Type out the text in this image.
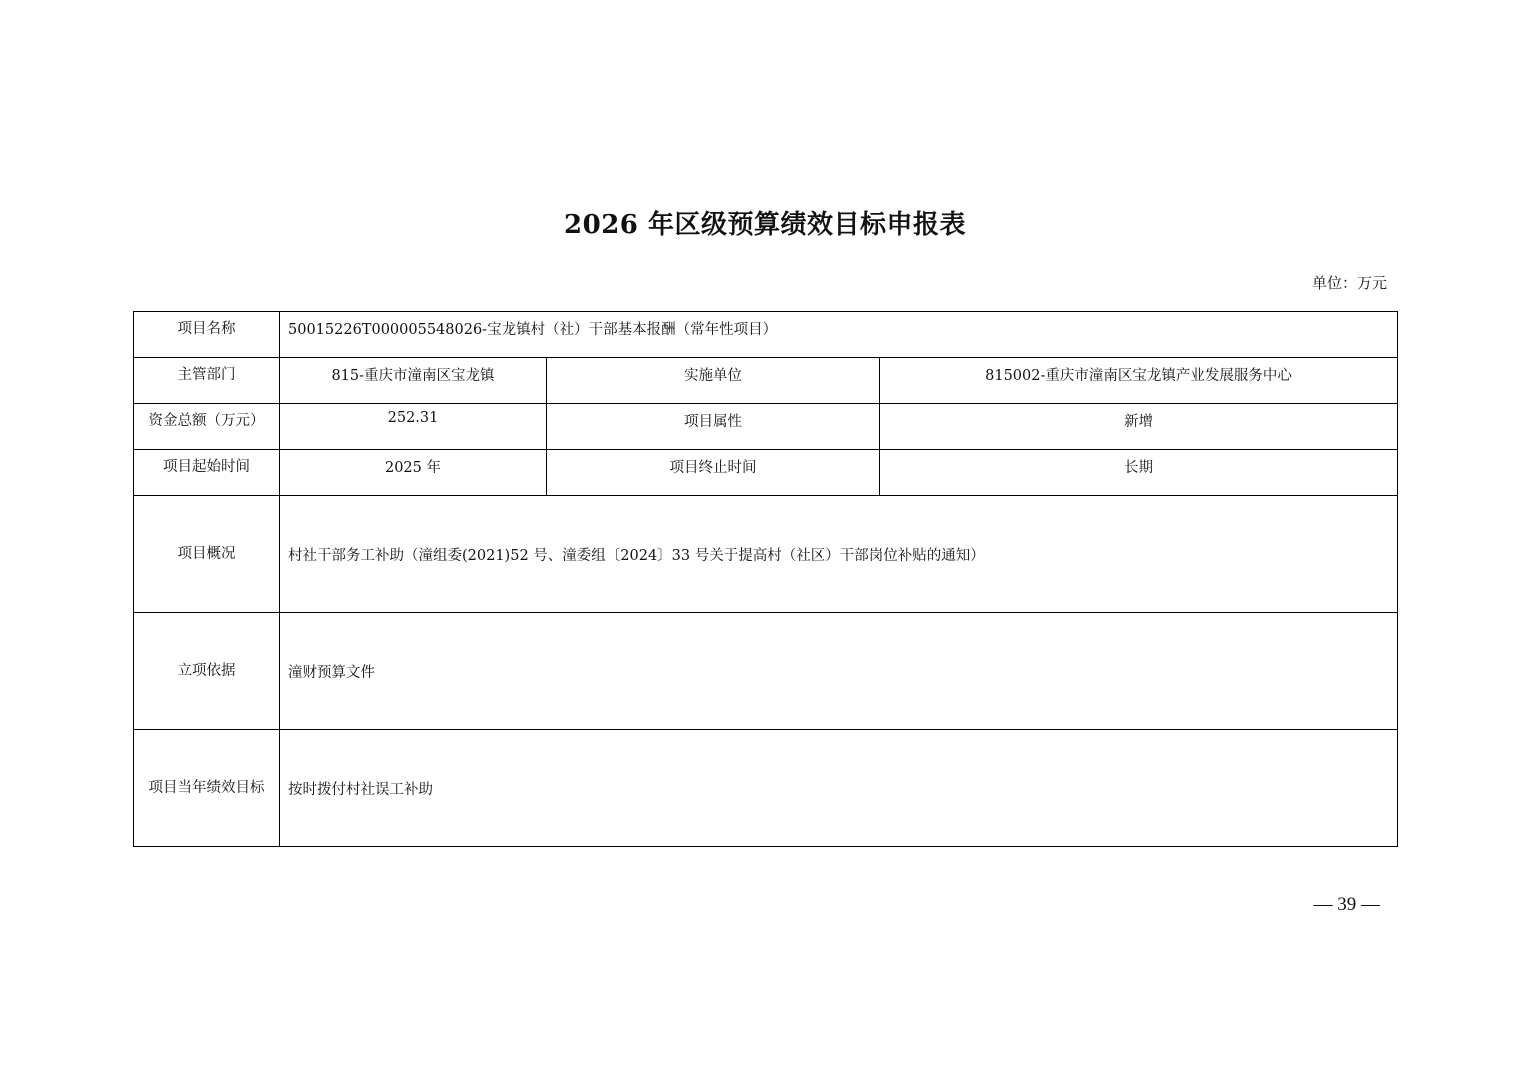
2026 年区级预算绩效目标申报表
单位：万元
项目名称	50015226T000005548026-宝龙镇村（社）干部基本报酬（常年性项目）		
主管部门	815-重庆市潼南区宝龙镇	实施单位	815002-重庆市潼南区宝龙镇产业发展服务中心
资金总额（万元）	252.31	项目属性	新增
项目起始时间	2025 年	项目终止时间	长期
项目概况	村社干部务工补助（潼组委(2021)52 号、潼委组〔2024〕33 号关于提高村（社区）干部岗位补贴的通知）		
立项依据	潼财预算文件		
项目当年绩效目标	按时拨付村社误工补助		
— 39 —
